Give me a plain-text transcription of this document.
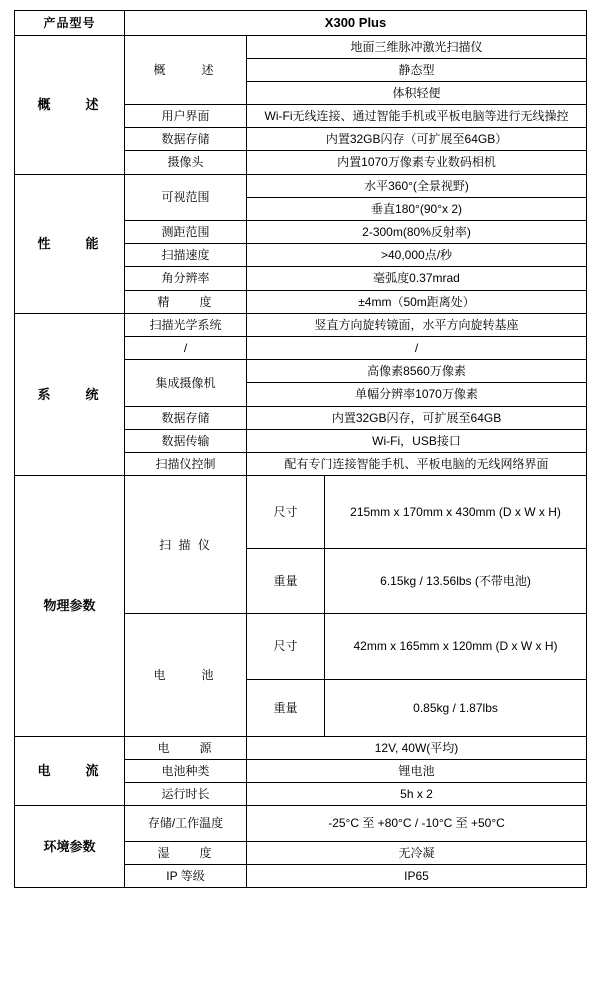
产品型号	X300 Plus		
概　　述	概　　述	地面三维脉冲激光扫描仪	
		静态型	
		体积轻便	
	用户界面	Wi-Fi无线连接、通过智能手机或平板电脑等进行无线操控	
	数据存储	内置32GB闪存（可扩展至64GB）	
	摄像头	内置1070万像素专业数码相机	
性　　能	可视范围	水平360°(全景视野)	
		垂直180°(90°x 2)	
	测距范围	2-300m(80%反射率)	
	扫描速度	>40,000点/秒	
	角分辨率	毫弧度0.37mrad	
	精　　度	±4mm（50m距离处）	
系　　统	扫描光学系统	竖直方向旋转镜面，水平方向旋转基座	
	/	/	
	集成摄像机	高像素8560万像素	
		单幅分辨率1070万像素	
	数据存储	内置32GB闪存，可扩展至64GB	
	数据传输	Wi-Fi，USB接口	
	扫描仪控制	配有专门连接智能手机、平板电脑的无线网络界面	
物理参数	扫 描 仪	尺寸	215mm x 170mm x 430mm (D x W x H)
		重量	6.15kg / 13.56lbs (不带电池)
	电　　池	尺寸	42mm x 165mm x 120mm (D x W x H)
		重量	0.85kg / 1.87lbs
电　　流	电　　源	12V, 40W(平均)	
	电池种类	锂电池	
	运行时长	5h x 2	
环境参数	存储/工作温度	-25°C 至 +80°C / -10°C 至 +50°C	
	湿　　度	无冷凝	
	IP 等级	IP65	
